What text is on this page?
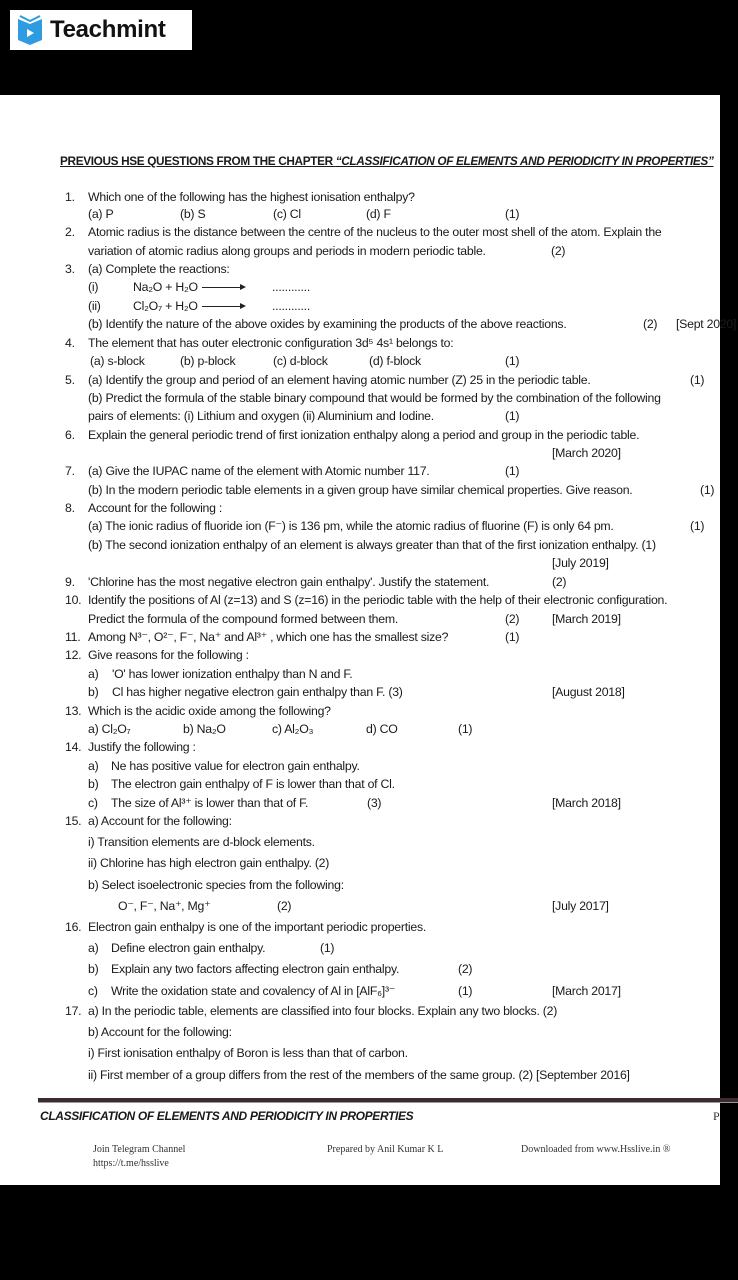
Teachmint
PREVIOUS HSE QUESTIONS FROM THE CHAPTER “CLASSIFICATION OF ELEMENTS AND PERIODICITY IN PROPERTIES”
1. Which one of the following has the highest ionisation enthalpy?
(a) P	(b) S	(c) Cl	(d) F	(1)
2. Atomic radius is the distance between the centre of the nucleus to the outer most shell of the atom. Explain the
variation of atomic radius along groups and periods in modern periodic table.	(2)
3. (a) Complete the reactions:
(i)	Na₂O + H₂O	............
(ii)	Cl₂O₇ + H₂O	............
(b) Identify the nature of the above oxides by examining the products of the above reactions.	(2) [Sept 2020]
4. The element that has outer electronic configuration 3d⁵ 4s¹ belongs to:
(a) s-block	(b) p-block	(c) d-block	(d) f-block	(1)
5. (a) Identify the group and period of an element having atomic number (Z) 25 in the periodic table.	(1)
(b) Predict the formula of the stable binary compound that would be formed by the combination of the following
pairs of elements: (i) Lithium and oxygen (ii) Aluminium and Iodine.	(1)
6. Explain the general periodic trend of first ionization enthalpy along a period and group in the periodic table.
[March 2020]
7. (a) Give the IUPAC name of the element with Atomic number 117.	(1)
(b) In the modern periodic table elements in a given group have similar chemical properties. Give reason.	(1)
8. Account for the following :
(a) The ionic radius of fluoride ion (F⁻) is 136 pm, while the atomic radius of fluorine (F) is only 64 pm.	(1)
(b) The second ionization enthalpy of an element is always greater than that of the first ionization enthalpy. (1)
[July 2019]
9. 'Chlorine has the most negative electron gain enthalpy'. Justify the statement.	(2)
10. Identify the positions of Al (z=13) and S (z=16) in the periodic table with the help of their electronic configuration.
Predict the formula of the compound formed between them.	(2)	[March 2019]
11. Among N³⁻, O²⁻, F⁻, Na⁺ and Al³⁺ , which one has the smallest size?	(1)
12. Give reasons for the following :
a) 'O' has lower ionization enthalpy than N and F.
b) Cl has higher negative electron gain enthalpy than F. (3)	[August 2018]
13. Which is the acidic oxide among the following?
a) Cl₂O₇	b) Na₂O	c) Al₂O₃	d) CO	(1)
14. Justify the following :
a) Ne has positive value for electron gain enthalpy.
b) The electron gain enthalpy of F is lower than that of Cl.
c) The size of Al³⁺ is lower than that of F.	(3)	[March 2018]
15. a) Account for the following:
i) Transition elements are d-block elements.
ii) Chlorine has high electron gain enthalpy. (2)
b) Select isoelectronic species from the following:
O⁻, F⁻, Na⁺, Mg⁺	(2)	[July 2017]
16. Electron gain enthalpy is one of the important periodic properties.
a) Define electron gain enthalpy.	(1)
b) Explain any two factors affecting electron gain enthalpy.	(2)
c) Write the oxidation state and covalency of Al in [AlF₆]³⁻	(1)	[March 2017]
17. a) In the periodic table, elements are classified into four blocks. Explain any two blocks. (2)
b) Account for the following:
i) First ionisation enthalpy of Boron is less than that of carbon.
ii) First member of a group differs from the rest of the members of the same group. (2) [September 2016]
CLASSIFICATION OF ELEMENTS AND PERIODICITY IN PROPERTIES	P
Join Telegram Channel
https://t.me/hsslive
Prepared by Anil Kumar K L	Downloaded from www.Hsslive.in ®
